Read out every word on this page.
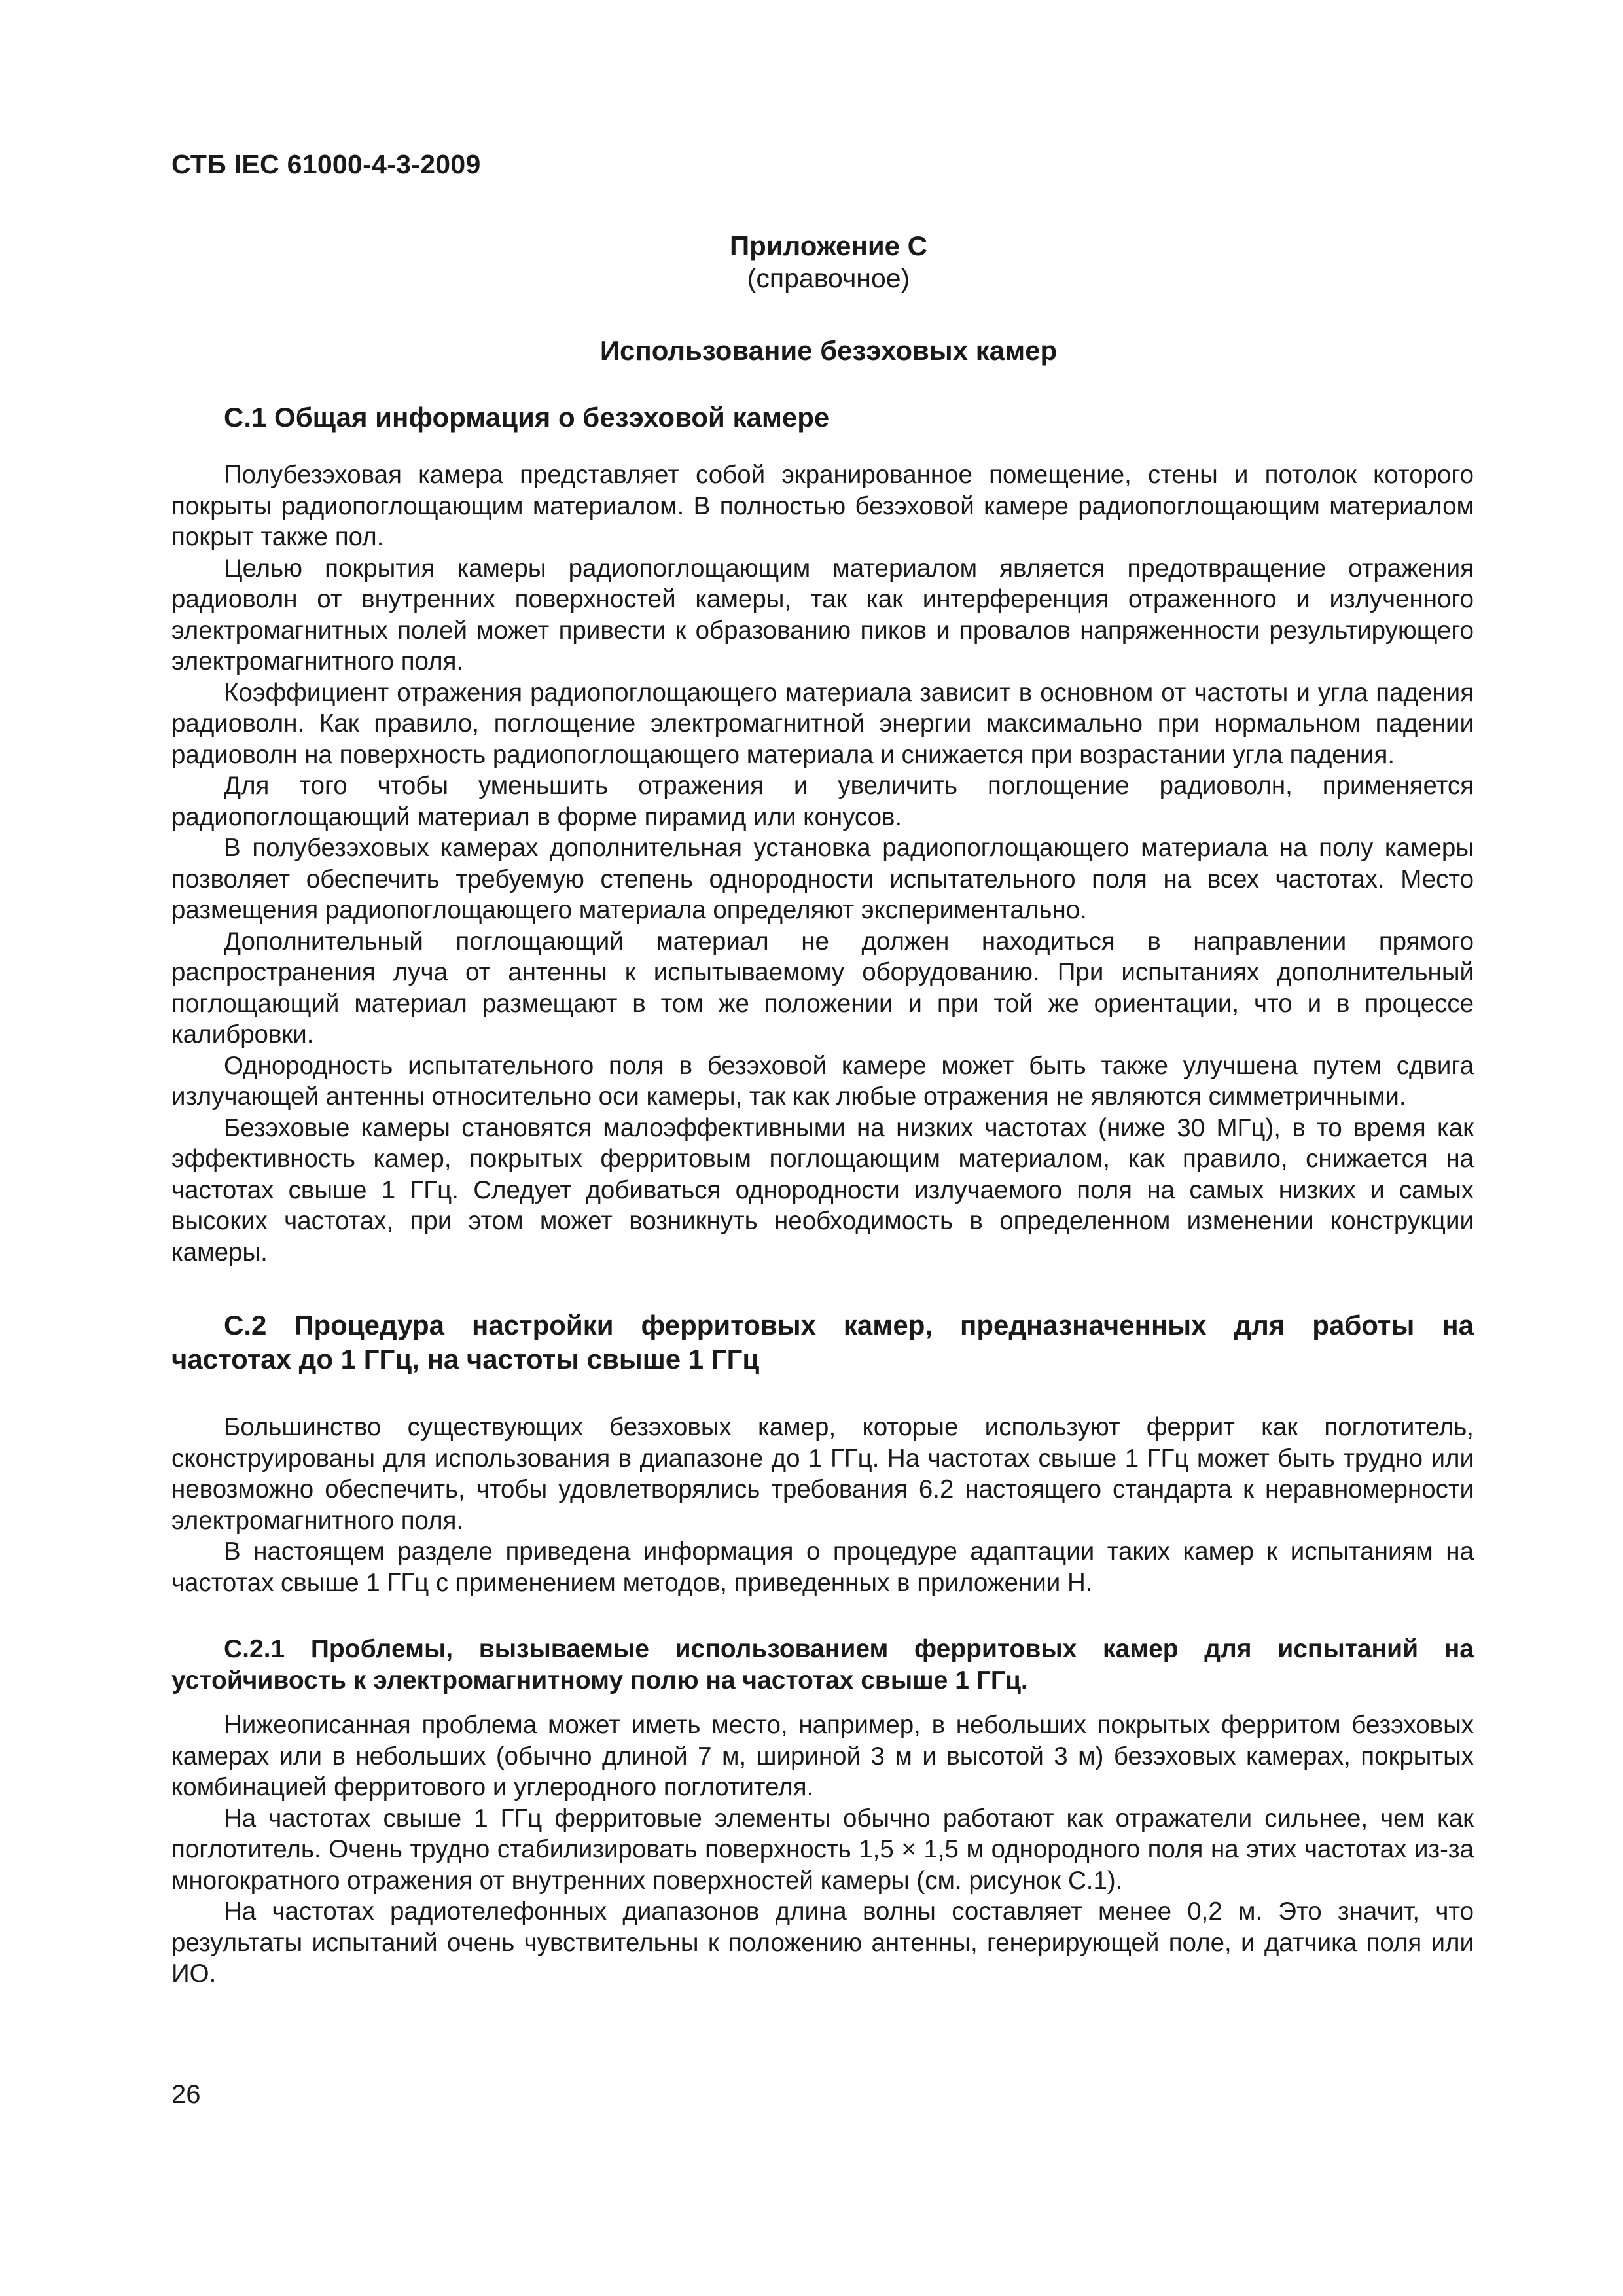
СТБ IEC 61000-4-3-2009
Приложение С
(справочное)
Использование безэховых камер
С.1 Общая информация о безэховой камере

Полубезэховая камера представляет собой экранированное помещение, стены и потолок которого покрыты радиопоглощающим материалом. В полностью безэховой камере радиопоглощающим материалом покрыт также пол.

Целью покрытия камеры радиопоглощающим материалом является предотвращение отражения радиоволн от внутренних поверхностей камеры, так как интерференция отраженного и излученного электромагнитных полей может привести к образованию пиков и провалов напряженности результирующего электромагнитного поля.

Коэффициент отражения радиопоглощающего материала зависит в основном от частоты и угла падения радиоволн. Как правило, поглощение электромагнитной энергии максимально при нормальном падении радиоволн на поверхность радиопоглощающего материала и снижается при возрастании угла падения.

Для того чтобы уменьшить отражения и увеличить поглощение радиоволн, применяется радиопоглощающий материал в форме пирамид или конусов.

В полубезэховых камерах дополнительная установка радиопоглощающего материала на полу камеры позволяет обеспечить требуемую степень однородности испытательного поля на всех частотах. Место размещения радиопоглощающего материала определяют экспериментально.

Дополнительный поглощающий материал не должен находиться в направлении прямого распространения луча от антенны к испытываемому оборудованию. При испытаниях дополнительный поглощающий материал размещают в том же положении и при той же ориентации, что и в процессе калибровки.

Однородность испытательного поля в безэховой камере может быть также улучшена путем сдвига излучающей антенны относительно оси камеры, так как любые отражения не являются симметричными.

Безэховые камеры становятся малоэффективными на низких частотах (ниже 30 МГц), в то время как эффективность камер, покрытых ферритовым поглощающим материалом, как правило, снижается на частотах свыше 1 ГГц. Следует добиваться однородности излучаемого поля на самых низких и самых высоких частотах, при этом может возникнуть необходимость в определенном изменении конструкции камеры.

С.2 Процедура настройки ферритовых камер, предназначенных для работы на
частотах до 1 ГГц, на частоты свыше 1 ГГц

Большинство существующих безэховых камер, которые используют феррит как поглотитель, сконструированы для использования в диапазоне до 1 ГГц. На частотах свыше 1 ГГц может быть трудно или невозможно обеспечить, чтобы удовлетворялись требования 6.2 настоящего стандарта к неравномерности электромагнитного поля.

В настоящем разделе приведена информация о процедуре адаптации таких камер к испытаниям на частотах свыше 1 ГГц с применением методов, приведенных в приложении Н.

С.2.1 Проблемы, вызываемые использованием ферритовых камер для испытаний на
устойчивость к электромагнитному полю на частотах свыше 1 ГГц.

Нижеописанная проблема может иметь место, например, в небольших покрытых ферритом безэховых камерах или в небольших (обычно длиной 7 м, шириной 3 м и высотой 3 м) безэховых камерах, покрытых комбинацией ферритового и углеродного поглотителя.

На частотах свыше 1 ГГц ферритовые элементы обычно работают как отражатели сильнее, чем как поглотитель. Очень трудно стабилизировать поверхность 1,5 × 1,5 м однородного поля на этих частотах из-за многократного отражения от внутренних поверхностей камеры (см. рисунок С.1).

На частотах радиотелефонных диапазонов длина волны составляет менее 0,2 м. Это значит, что результаты испытаний очень чувствительны к положению антенны, генерирующей поле, и датчика поля или ИО.

26
